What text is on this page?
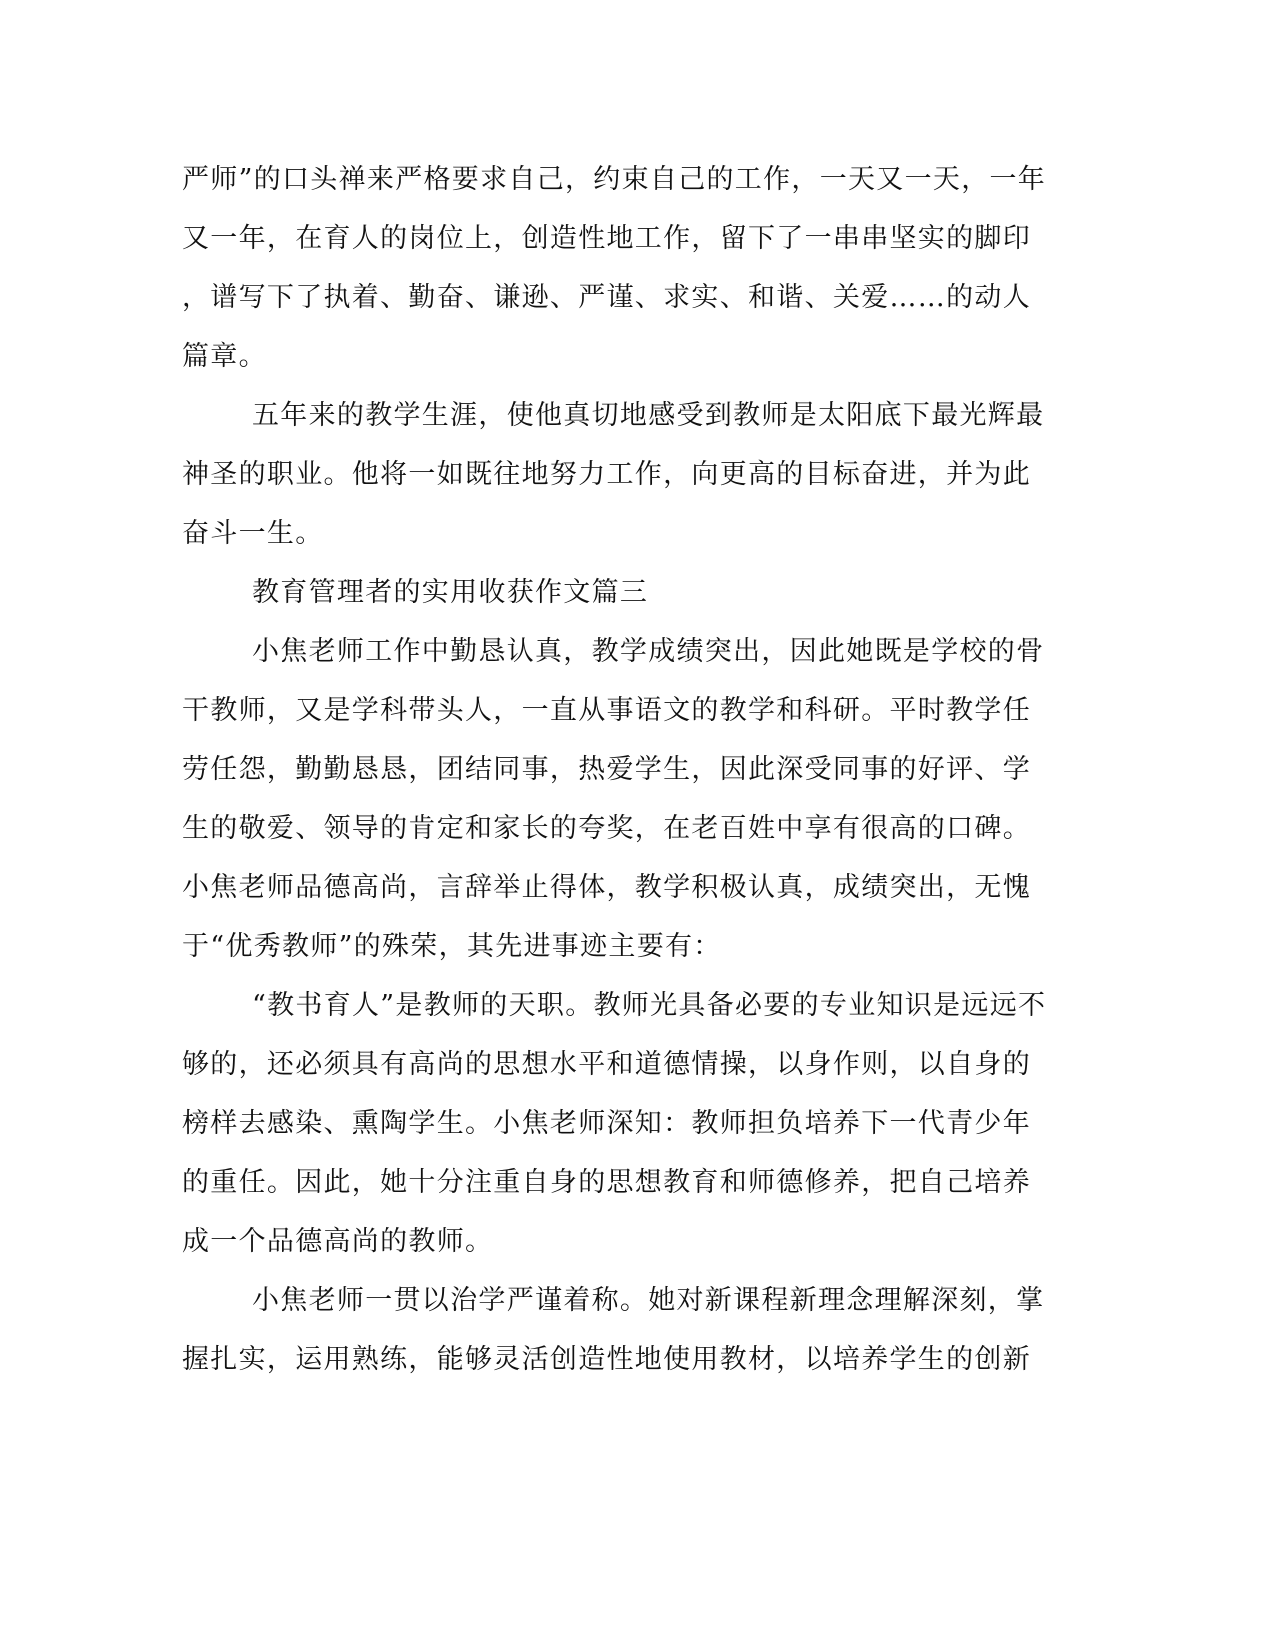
严师”的口头禅来严格要求自己，约束自己的工作，一天又一天，一年

又一年，在育人的岗位上，创造性地工作，留下了一串串坚实的脚印

，谱写下了执着、勤奋、谦逊、严谨、求实、和谐、关爱……的动人

篇章。

五年来的教学生涯，使他真切地感受到教师是太阳底下最光辉最

神圣的职业。他将一如既往地努力工作，向更高的目标奋进，并为此

奋斗一生。

教育管理者的实用收获作文篇三

小焦老师工作中勤恳认真，教学成绩突出，因此她既是学校的骨

干教师，又是学科带头人，一直从事语文的教学和科研。平时教学任

劳任怨，勤勤恳恳，团结同事，热爱学生，因此深受同事的好评、学

生的敬爱、领导的肯定和家长的夸奖，在老百姓中享有很高的口碑。

小焦老师品德高尚，言辞举止得体，教学积极认真，成绩突出，无愧

于“优秀教师”的殊荣，其先进事迹主要有：

“教书育人”是教师的天职。教师光具备必要的专业知识是远远不

够的，还必须具有高尚的思想水平和道德情操，以身作则，以自身的

榜样去感染、熏陶学生。小焦老师深知：教师担负培养下一代青少年

的重任。因此，她十分注重自身的思想教育和师德修养，把自己培养

成一个品德高尚的教师。

小焦老师一贯以治学严谨着称。她对新课程新理念理解深刻，掌

握扎实，运用熟练，能够灵活创造性地使用教材，以培养学生的创新
